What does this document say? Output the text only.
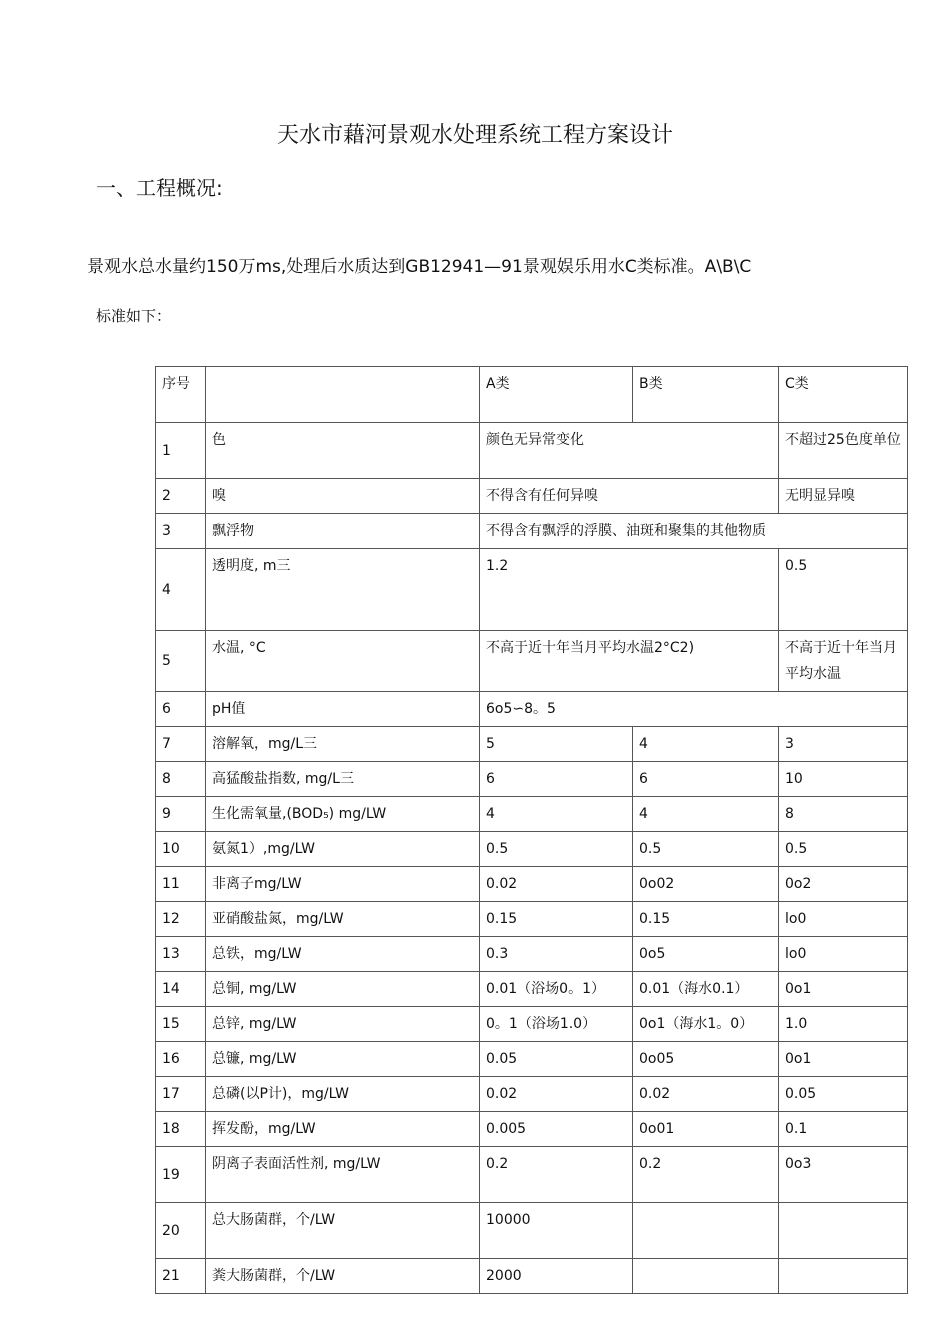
天水市藉河景观水处理系统工程方案设计
一、工程概况:
景观水总水量约150万ms,处理后水质达到GB12941—91景观娱乐用水C类标准。A\B\C
标准如下：
序号		A类	B类	C类
1	色	颜色无异常变化		不超过25色度单位
2	嗅	不得含有任何异嗅		无明显异嗅
3	飘浮物	不得含有飘浮的浮膜、油斑和聚集的其他物质		
4	透明度, m三	1.2		0.5
5	水温, °C	不高于近十年当月平均水温2°C2)		不高于近十年当月平均水温
6	pH值	6o5∽8。5		
7	溶解氧，mg/L三	5	4	3
8	高猛酸盐指数, mg/L三	6	6	10
9	生化需氧量,(BOD₅) mg/LW	4	4	8
10	氨氮1）,mg/LW	0.5	0.5	0.5
11	非离子mg/LW	0.02	0o02	0o2
12	亚硝酸盐氮，mg/LW	0.15	0.15	lo0
13	总铁，mg/LW	0.3	0o5	lo0
14	总铜, mg/LW	0.01（浴场0。1）	0.01（海水0.1）	0o1
15	总锌, mg/LW	0。1（浴场1.0）	0o1（海水1。0）	1.0
16	总镰, mg/LW	0.05	0o05	0o1
17	总磷(以P计)，mg/LW	0.02	0.02	0.05
18	挥发酚，mg/LW	0.005	0o01	0.1
19	阴离子表面活性剂, mg/LW	0.2	0.2	0o3
20	总大肠菌群，个/LW	10000		
21	粪大肠菌群，个/LW	2000		
